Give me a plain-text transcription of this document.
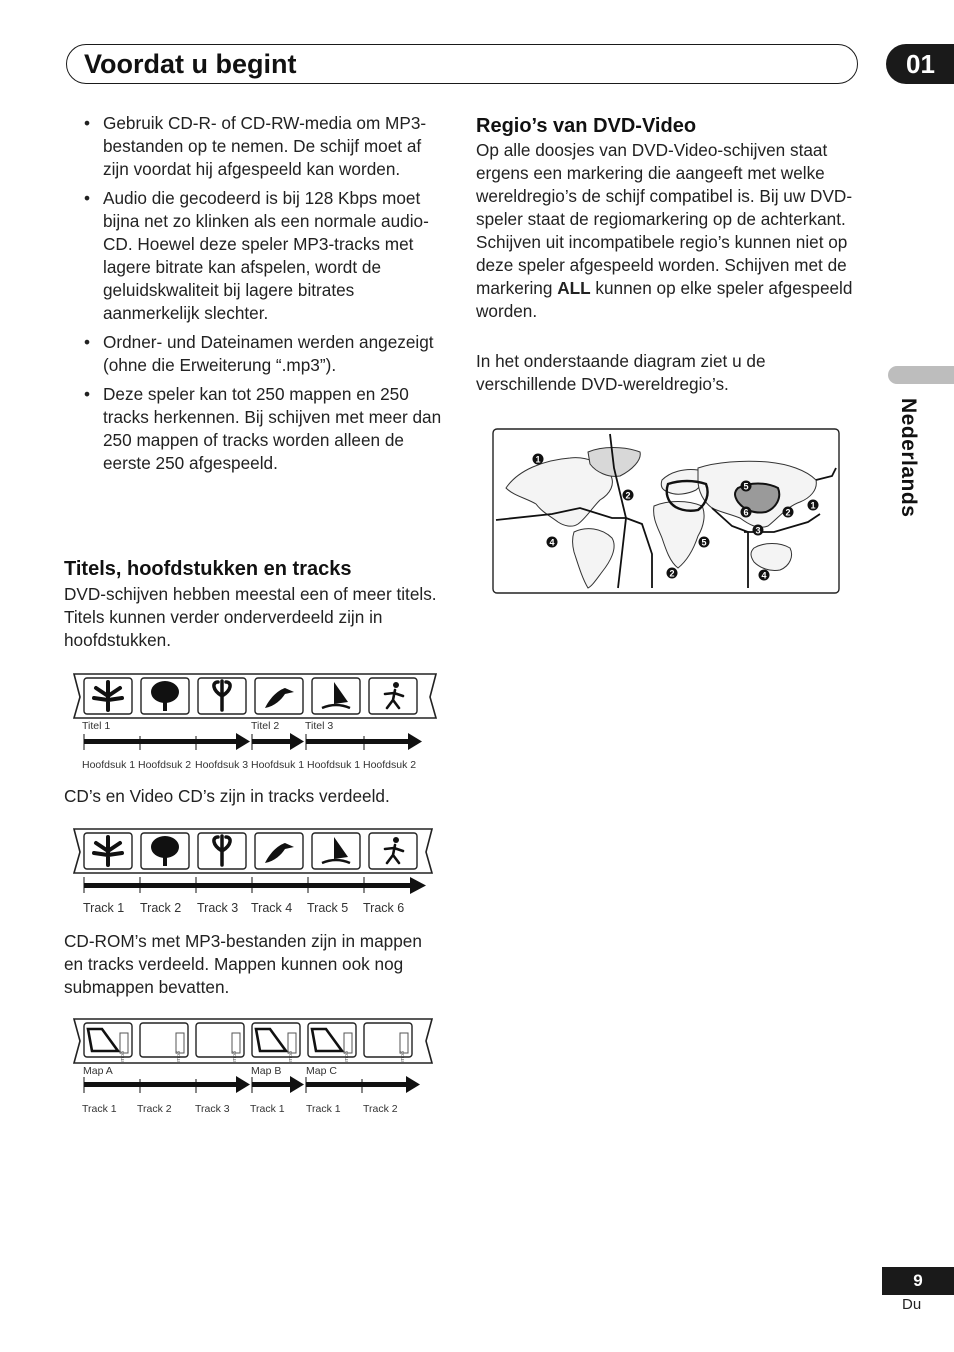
Voordat u begint	01
Nederlands
• Gebruik CD-R- of CD-RW-media om MP3-bestanden op te nemen. De schijf moet af zijn voordat hij afgespeeld kan worden.
• Audio die gecodeerd is bij 128 Kbps moet bijna net zo klinken als een normale audio-CD. Hoewel deze speler MP3-tracks met lagere bitrate kan afspelen, wordt de geluidskwaliteit bij lagere bitrates aanmerkelijk slechter.
• Ordner- und Dateinamen werden angezeigt (ohne die Erweiterung “.mp3”).
• Deze speler kan tot 250 mappen en 250 tracks herkennen. Bij schijven met meer dan 250 mappen of tracks worden alleen de eerste 250 afgespeeld.
Titels, hoofdstukken en tracks

DVD-schijven hebben meestal een of meer titels. Titels kunnen verder onderverdeeld zijn in hoofdstukken.

Titel 1	Titel 2 Titel 3
Hoofdsuk 1 Hoofdsuk 2 Hoofdsuk 3 Hoofdsuk 1 Hoofdsuk 1 Hoofdsuk 2

CD’s en Video CD’s zijn in tracks verdeeld.

Track 1 Track 2 Track 3 Track 4 Track 5 Track 6

CD-ROM’s met MP3-bestanden zijn in mappen en tracks verdeeld. Mappen kunnen ook nog submappen bevatten.

mp3	mp3	mp3	mp3	mp3	mp3
Map A	Map B Map C
Track 1 Track 2 Track 3 Track 1 Track 1 Track 2
Regio’s van DVD-Video

Op alle doosjes van DVD-Video-schijven staat ergens een markering die aangeeft met welke wereldregio’s de schijf compatibel is. Bij uw DVD-speler staat de regiomarkering op de achterkant. Schijven uit incompatibele regio’s kunnen niet op deze speler afgespeeld worden. Schijven met de markering ALL kunnen op elke speler afgespeeld worden.

In het onderstaande diagram ziet u de verschillende DVD-wereldregio’s.

1
2
2
3
4
4
5
5
6	2
1
9
Du
